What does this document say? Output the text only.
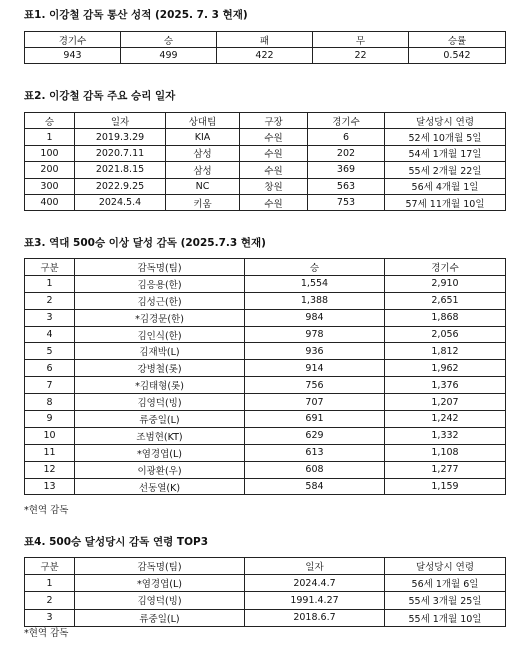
표1. 이강철 감독 통산 성적 (2025. 7. 3 현재)
경기수	승	패	무	승률
943	499	422	22	0.542
표2. 이강철 감독 주요 승리 일자
승	일자	상대팀	구장	경기수	달성당시 연령
1	2019.3.29	KIA	수원	6	52세 10개월 5일
100	2020.7.11	삼성	수원	202	54세 1개월 17일
200	2021.8.15	삼성	수원	369	55세 2개월 22일
300	2022.9.25	NC	창원	563	56세 4개월 1일
400	2024.5.4	키움	수원	753	57세 11개월 10일
표3. 역대 500승 이상 달성 감독 (2025.7.3 현재)
구분	감독명(팀)	승	경기수
1	김응용(한)	1,554	2,910
2	김성근(한)	1,388	2,651
3	*김경문(한)	984	1,868
4	김인식(한)	978	2,056
5	김재박(L)	936	1,812
6	강병철(롯)	914	1,962
7	*김태형(롯)	756	1,376
8	김영덕(빙)	707	1,207
9	류중일(L)	691	1,242
10	조범현(KT)	629	1,332
11	*염경엽(L)	613	1,108
12	이광환(우)	608	1,277
13	선동열(K)	584	1,159
*현역 감독
표4. 500승 달성당시 감독 연령 TOP3
구분	감독명(팀)	일자	달성당시 연령
1	*염경엽(L)	2024.4.7	56세 1개월 6일
2	김영덕(빙)	1991.4.27	55세 3개월 25일
3	류중일(L)	2018.6.7	55세 1개월 10일
*현역 감독
